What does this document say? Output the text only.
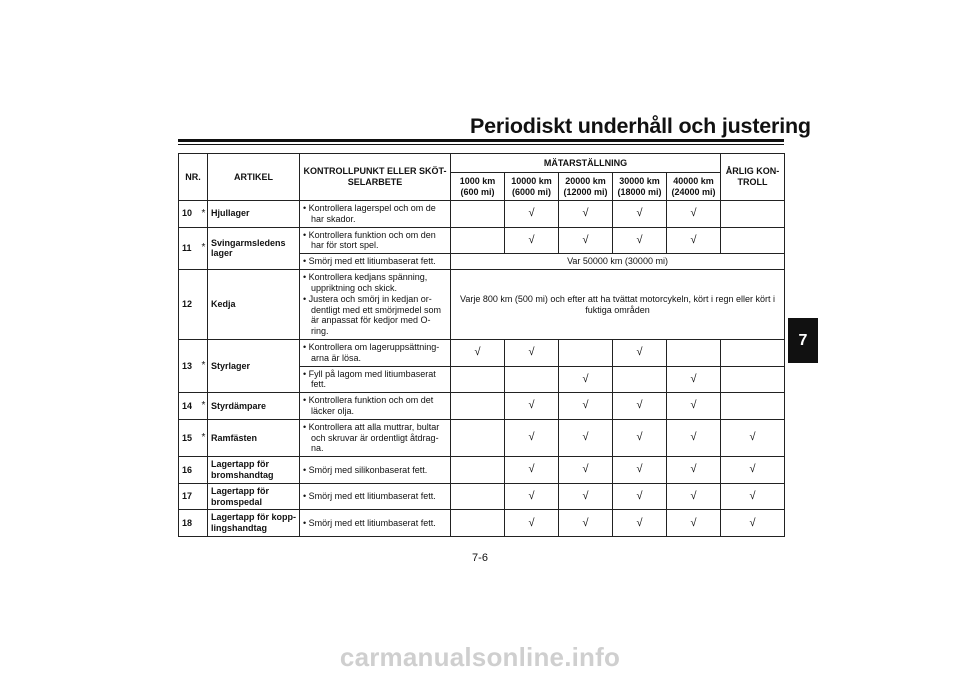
Periodiskt underhåll och justering
NR.		ARTIKEL	KONTROLLPUNKT ELLER SKÖT-SELARBETE	MÄTARSTÄLLNING					ÅRLIG KON-TROLL
				1000 km (600 mi)	10000 km (6000 mi)	20000 km (12000 mi)	30000 km (18000 mi)	40000 km (24000 mi)	
10	*	Hjullager	• Kontrollera lagerspel och om de har skador.		√	√	√	√	
11	*	Svingarmsledens lager	• Kontrollera funktion och om den har för stort spel.		√	√	√	√	

			• Smörj med ett litiumbaserat fett.	Var 50000 km (30000 mi)					
12		Kedja	• Kontrollera kedjans spänning, uppriktning och skick.
• Justera och smörj in kedjan or-dentligt med ett smörjmedel som är anpassat för kedjor med O-ring.	Varje 800 km (500 mi) och efter att ha tvättat motorcykeln, kört i regn eller kört i fuktiga områden					
13	*	Styrlager	• Kontrollera om lageruppsättning-arna är lösa.	√	√		√		

			• Fyll på lagom med litiumbaserat fett.			√		√	
14	*	Styrdämpare	• Kontrollera funktion och om det läcker olja.		√	√	√	√	
15	*	Ramfästen	• Kontrollera att alla muttrar, bultar och skruvar är ordentligt åtdrag-na.		√	√	√	√	√
16		Lagertapp för bromshandtag	• Smörj med silikonbaserat fett.		√	√	√	√	√
17		Lagertapp för bromspedal	• Smörj med ett litiumbaserat fett.		√	√	√	√	√
18		Lagertapp för kopp-lingshandtag	• Smörj med ett litiumbaserat fett.		√	√	√	√	√
7
7-6
carmanualsonline.info
